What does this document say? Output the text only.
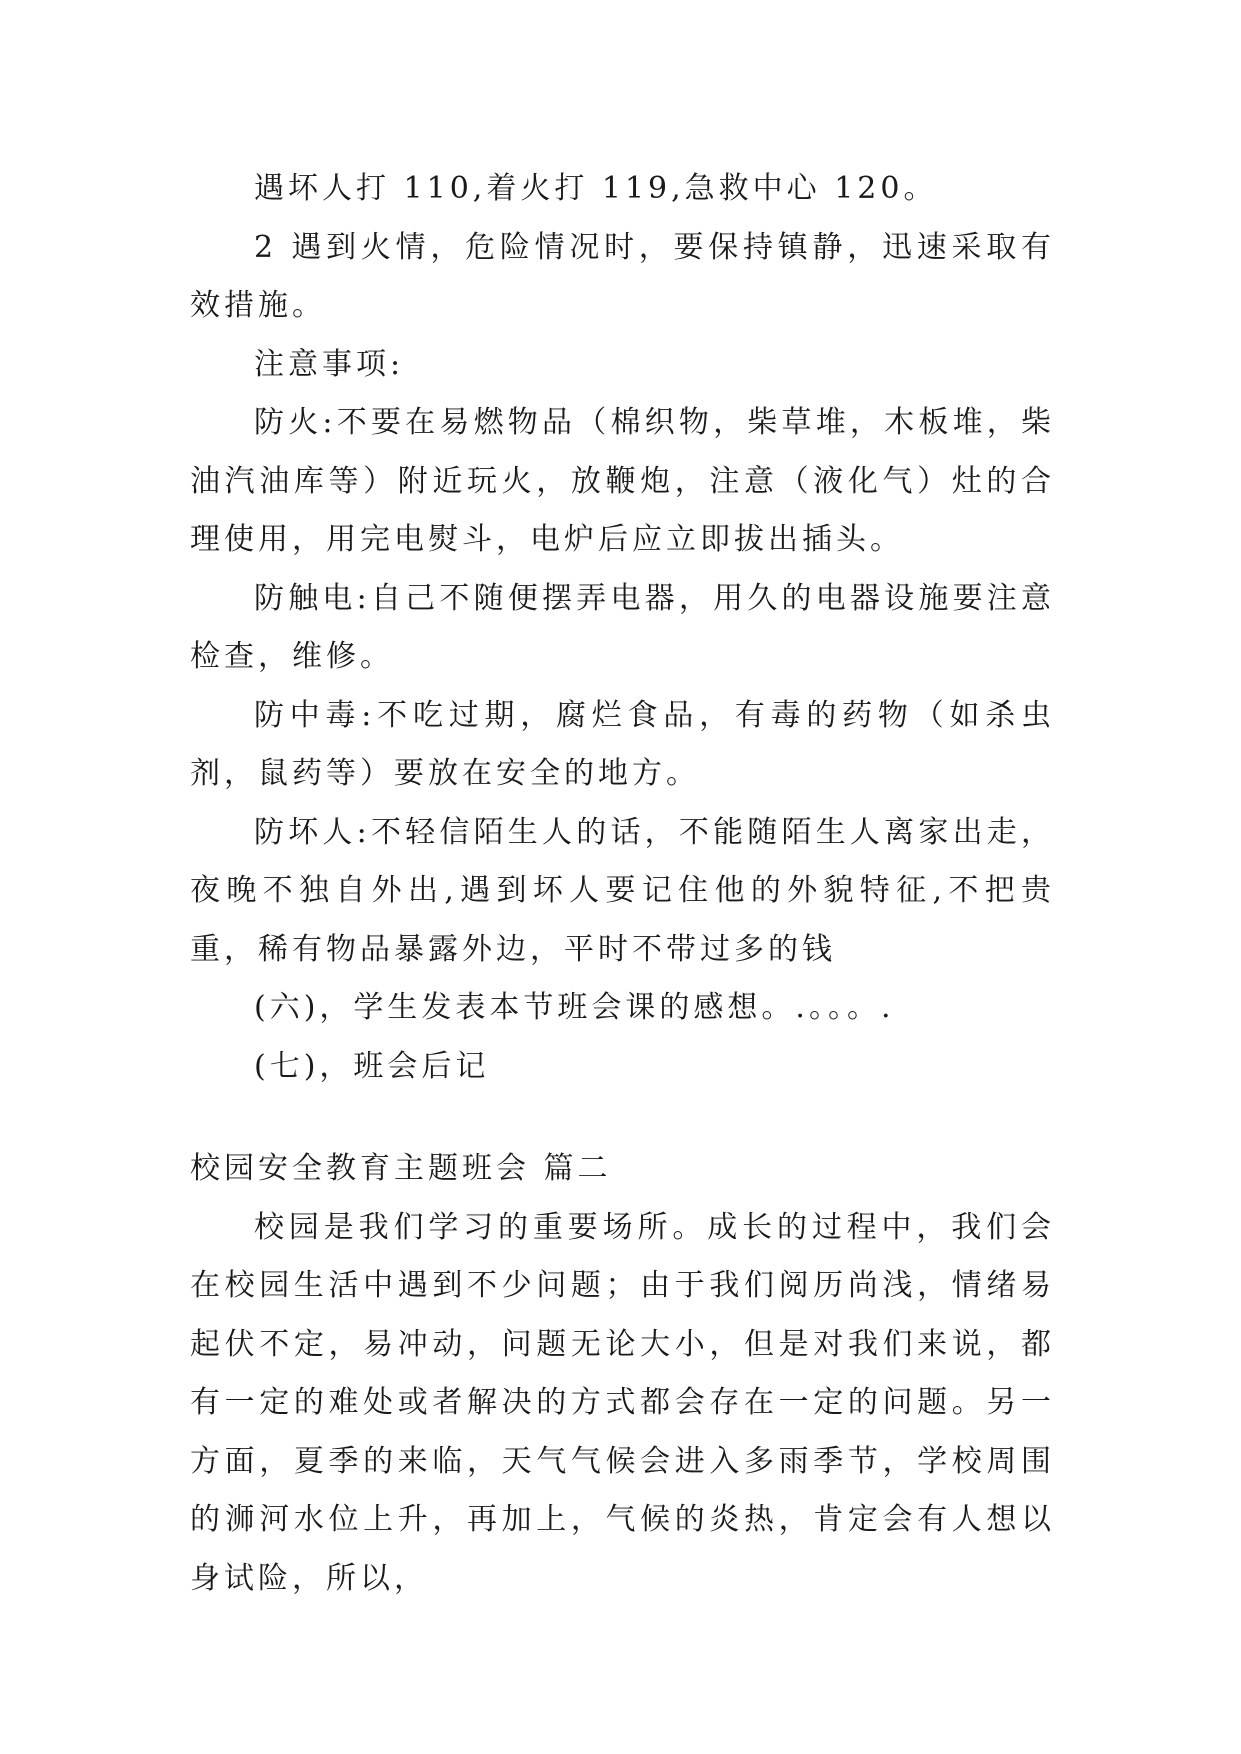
遇坏人打 110,着火打 119,急救中心 120。

2 遇到火情，危险情况时，要保持镇静，迅速采取有效措施。

注意事项:

防火:不要在易燃物品（棉织物，柴草堆，木板堆，柴油汽油库等）附近玩火，放鞭炮，注意（液化气）灶的合理使用，用完电熨斗，电炉后应立即拔出插头。

防触电:自己不随便摆弄电器，用久的电器设施要注意检查，维修。

防中毒:不吃过期，腐烂食品，有毒的药物（如杀虫剂，鼠药等）要放在安全的地方。

防坏人:不轻信陌生人的话，不能随陌生人离家出走，夜晚不独自外出,遇到坏人要记住他的外貌特征,不把贵重，稀有物品暴露外边，平时不带过多的钱

(六)，学生发表本节班会课的感想。.。。。.

(七)，班会后记

校园安全教育主题班会 篇二

校园是我们学习的重要场所。成长的过程中，我们会在校园生活中遇到不少问题；由于我们阅历尚浅，情绪易起伏不定，易冲动，问题无论大小，但是对我们来说，都有一定的难处或者解决的方式都会存在一定的问题。另一方面，夏季的来临，天气气候会进入多雨季节，学校周围的浉河水位上升，再加上，气候的炎热，肯定会有人想以身试险，所以，
